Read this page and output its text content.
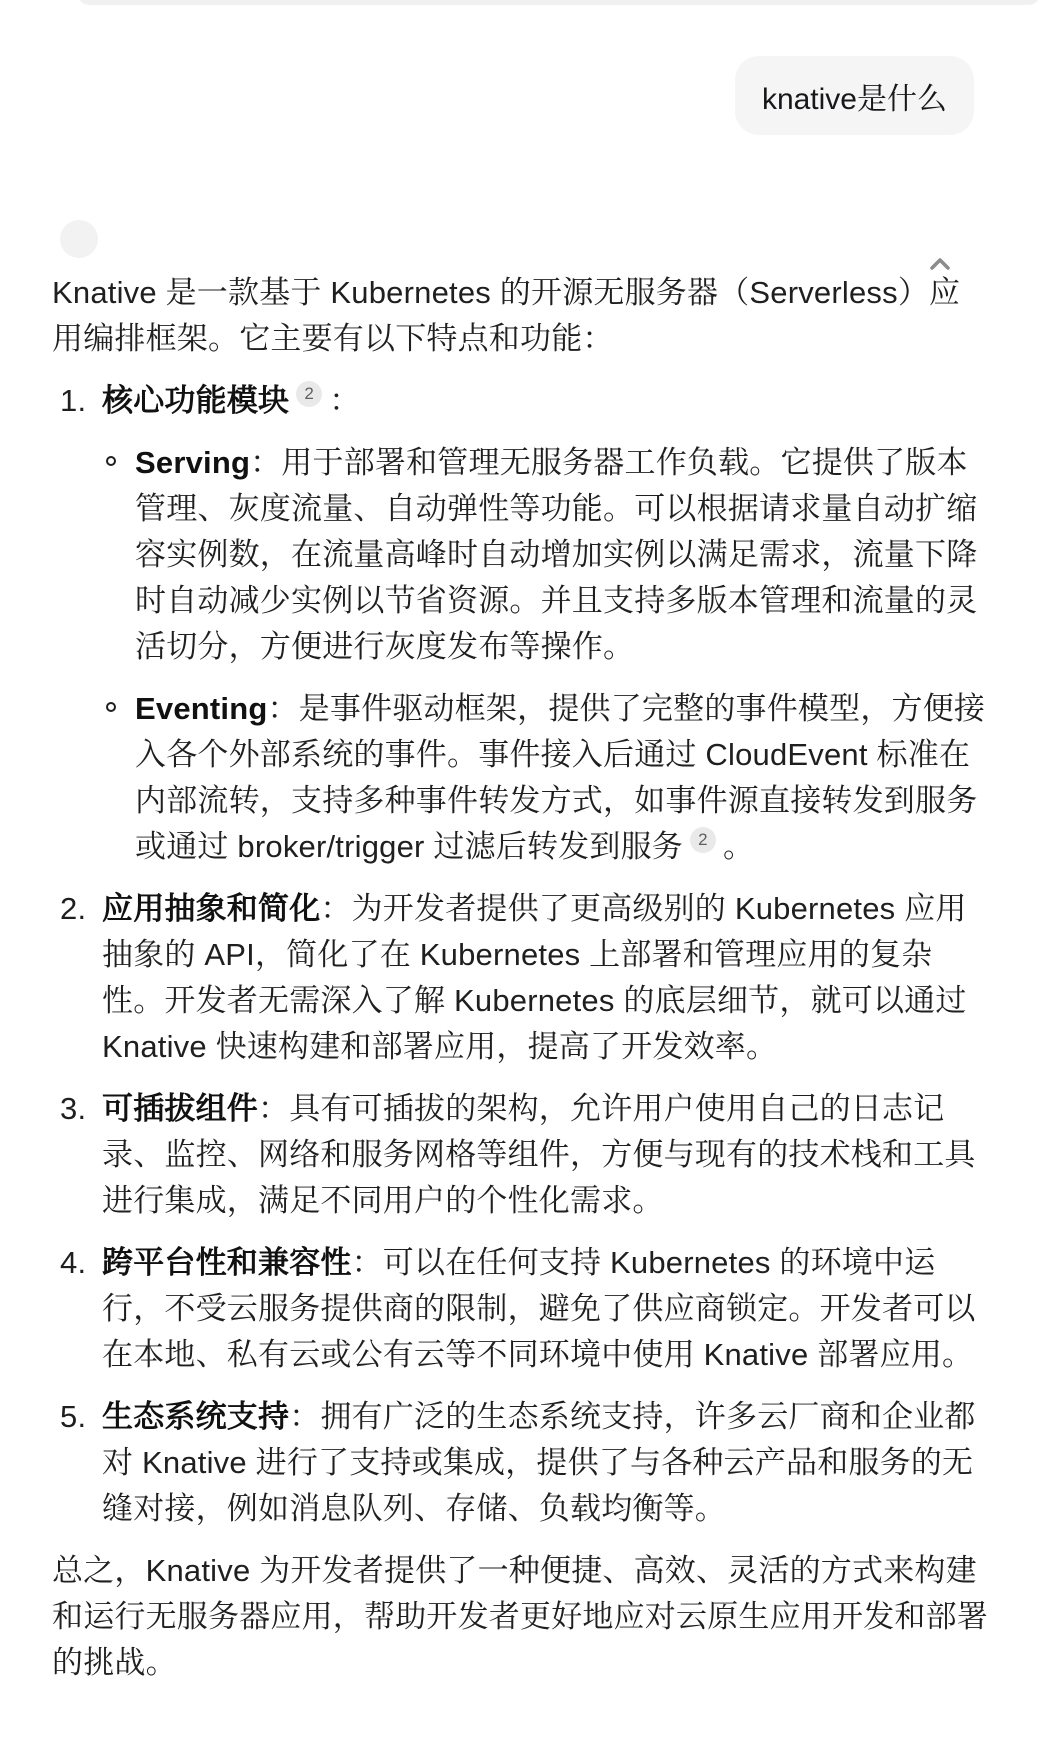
knative是什么

Knative 是一款基于 Kubernetes 的开源无服务器（Serverless）应用编排框架。它主要有以下特点和功能：

1. 核心功能模块 2 ：
Serving：用于部署和管理无服务器工作负载。它提供了版本管理、灰度流量、自动弹性等功能。可以根据请求量自动扩缩容实例数，在流量高峰时自动增加实例以满足需求，流量下降时自动减少实例以节省资源。并且支持多版本管理和流量的灵活切分，方便进行灰度发布等操作。
Eventing：是事件驱动框架，提供了完整的事件模型，方便接入各个外部系统的事件。事件接入后通过 CloudEvent 标准在内部流转，支持多种事件转发方式，如事件源直接转发到服务或通过 broker/trigger 过滤后转发到服务 2 。
2. 应用抽象和简化：为开发者提供了更高级别的 Kubernetes 应用抽象的 API，简化了在 Kubernetes 上部署和管理应用的复杂性。开发者无需深入了解 Kubernetes 的底层细节，就可以通过 Knative 快速构建和部署应用，提高了开发效率。
3. 可插拔组件：具有可插拔的架构，允许用户使用自己的日志记录、监控、网络和服务网格等组件，方便与现有的技术栈和工具进行集成，满足不同用户的个性化需求。
4. 跨平台性和兼容性：可以在任何支持 Kubernetes 的环境中运行，不受云服务提供商的限制，避免了供应商锁定。开发者可以在本地、私有云或公有云等不同环境中使用 Knative 部署应用。
5. 生态系统支持：拥有广泛的生态系统支持，许多云厂商和企业都对 Knative 进行了支持或集成，提供了与各种云产品和服务的无缝对接，例如消息队列、存储、负载均衡等。

总之，Knative 为开发者提供了一种便捷、高效、灵活的方式来构建和运行无服务器应用，帮助开发者更好地应对云原生应用开发和部署的挑战。
